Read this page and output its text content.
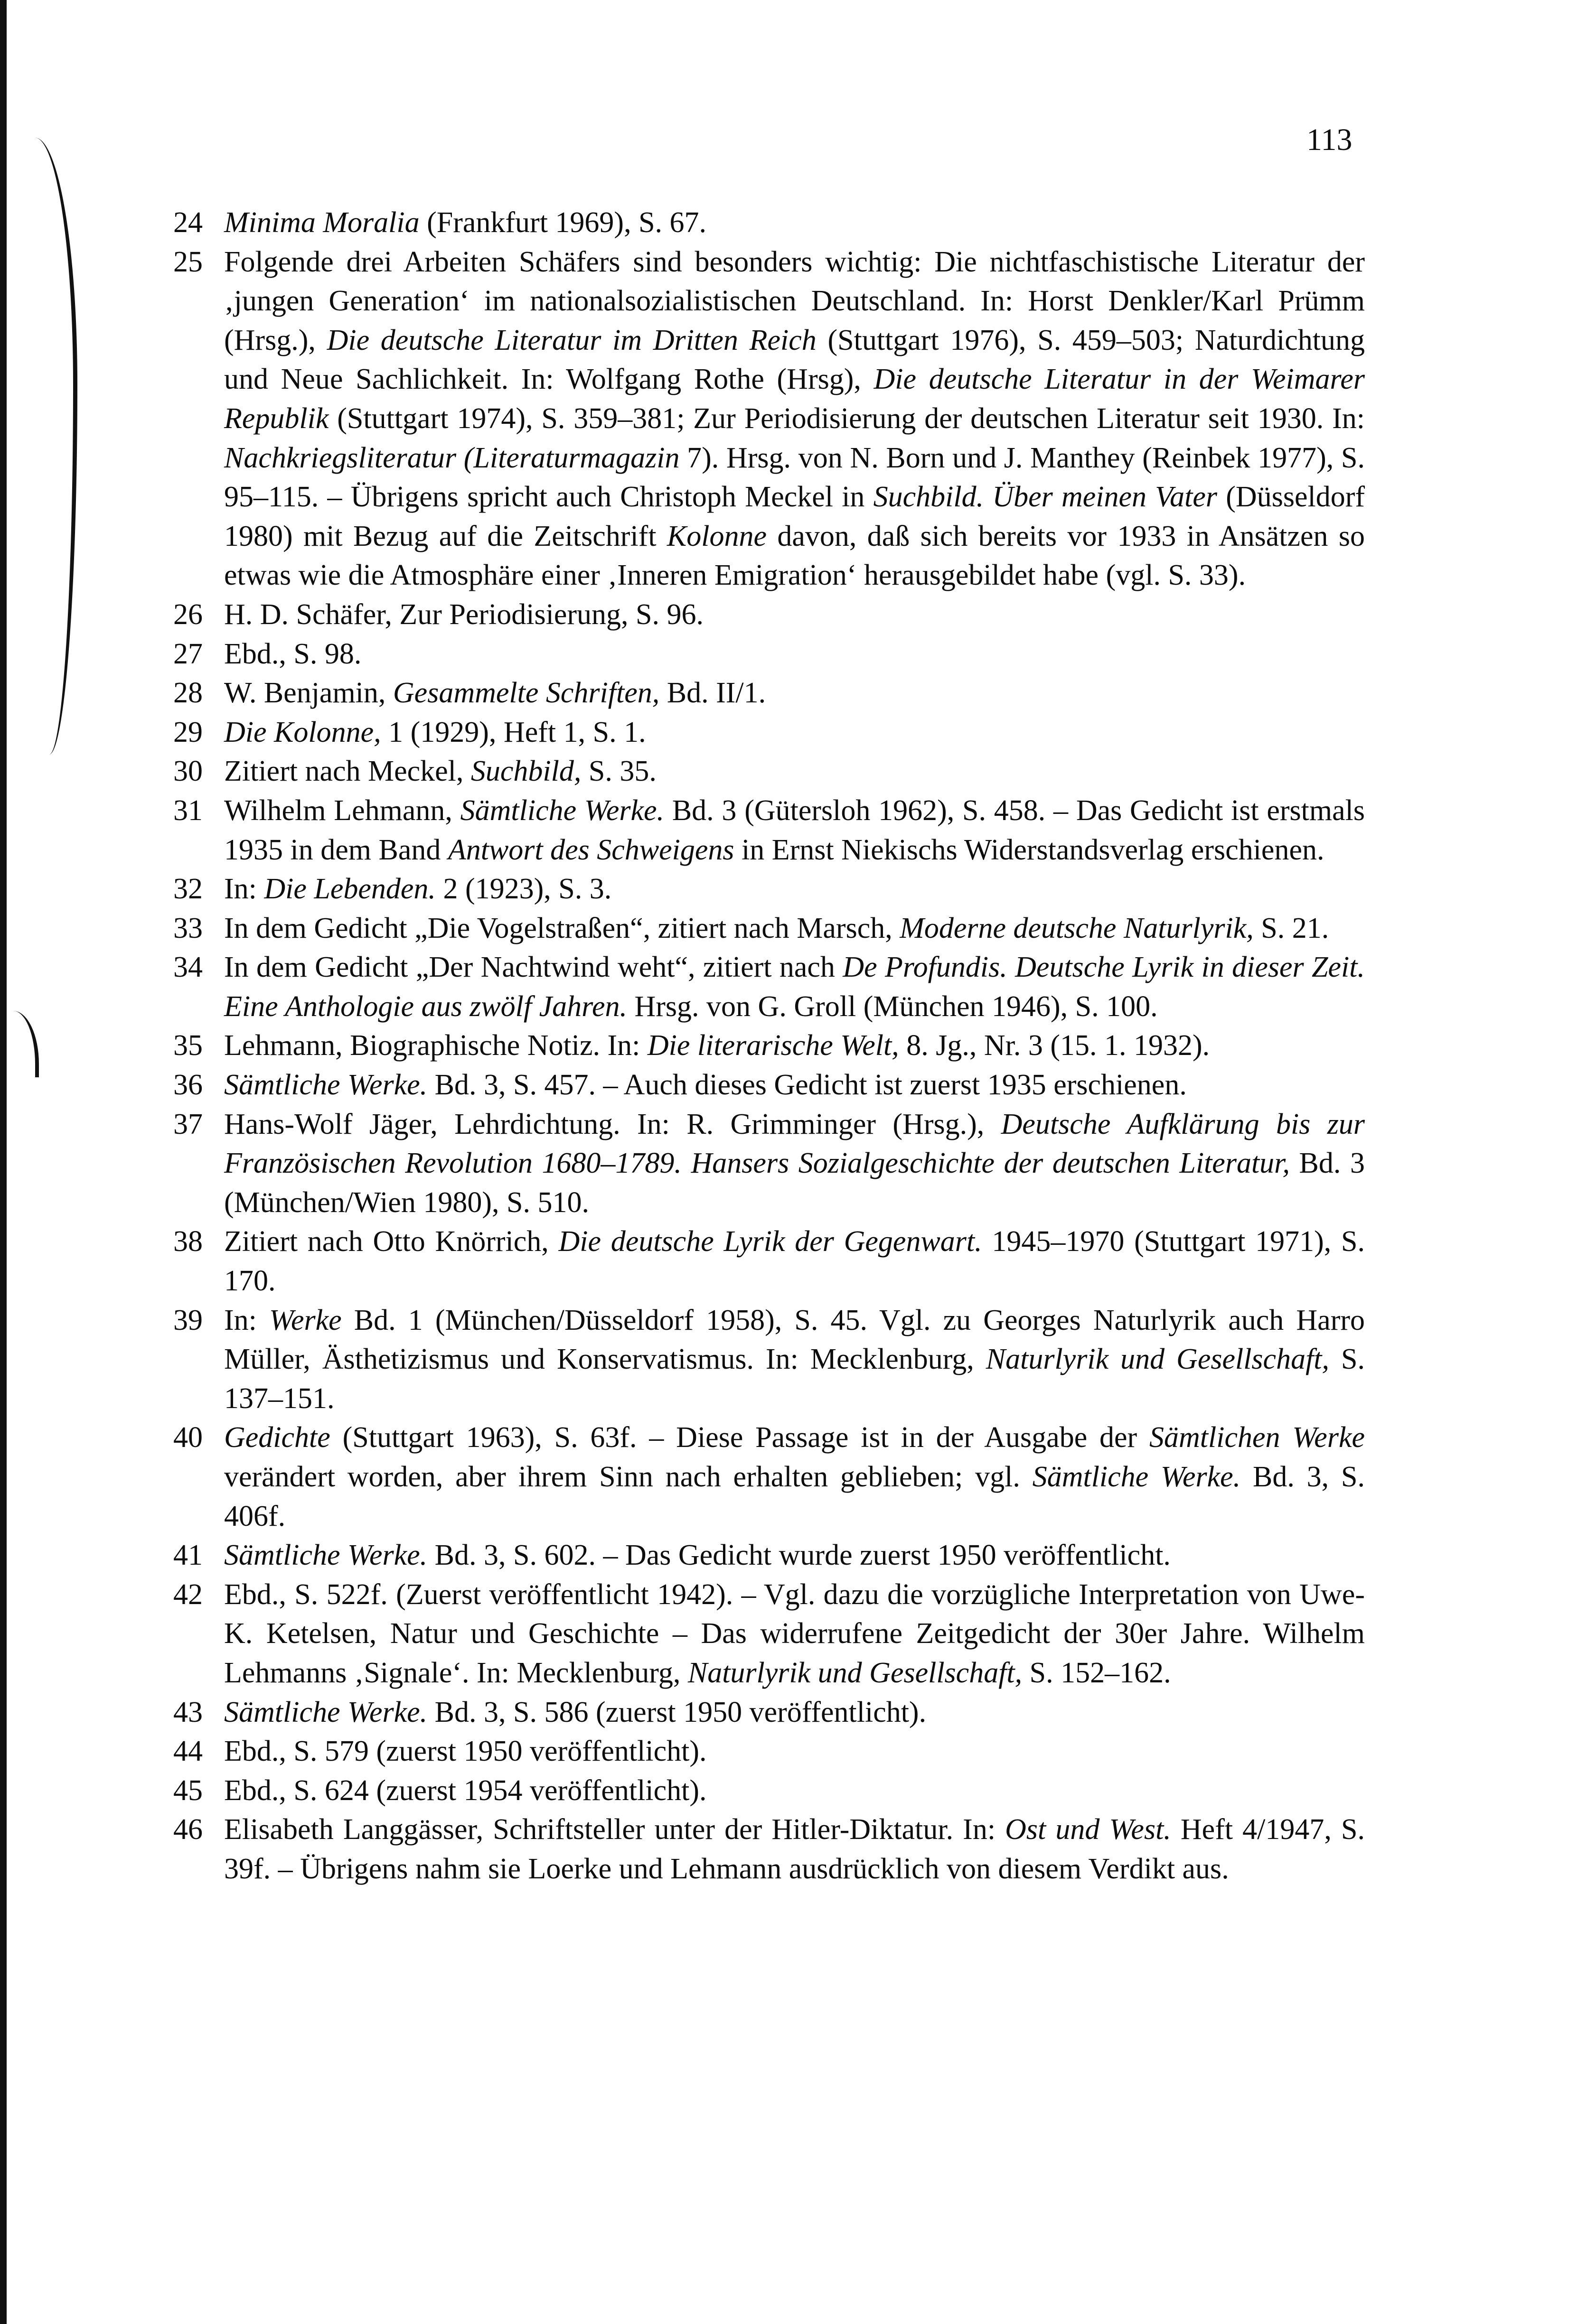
113
24 Minima Moralia (Frankfurt 1969), S. 67.
25 Folgende drei Arbeiten Schäfers sind besonders wichtig: Die nichtfaschistische Literatur der ‚jungen Generation‘ im nationalsozialistischen Deutschland. In: Horst Denkler/Karl Prümm (Hrsg.), Die deutsche Literatur im Dritten Reich (Stuttgart 1976), S. 459–503; Naturdichtung und Neue Sachlichkeit. In: Wolfgang Rothe (Hrsg), Die deutsche Literatur in der Weimarer Republik (Stuttgart 1974), S. 359–381; Zur Periodisierung der deutschen Literatur seit 1930. In: Nachkriegsliteratur (Literaturmagazin 7). Hrsg. von N. Born und J. Manthey (Reinbek 1977), S. 95–115. – Übrigens spricht auch Christoph Meckel in Suchbild. Über meinen Vater (Düsseldorf 1980) mit Bezug auf die Zeitschrift Kolonne davon, daß sich bereits vor 1933 in Ansätzen so etwas wie die Atmosphäre einer ‚Inneren Emigration‘ herausgebildet habe (vgl. S. 33).
26 H. D. Schäfer, Zur Periodisierung, S. 96.
27 Ebd., S. 98.
28 W. Benjamin, Gesammelte Schriften, Bd. II/1.
29 Die Kolonne, 1 (1929), Heft 1, S. 1.
30 Zitiert nach Meckel, Suchbild, S. 35.
31 Wilhelm Lehmann, Sämtliche Werke. Bd. 3 (Gütersloh 1962), S. 458. – Das Gedicht ist erstmals 1935 in dem Band Antwort des Schweigens in Ernst Niekischs Widerstandsverlag erschienen.
32 In: Die Lebenden. 2 (1923), S. 3.
33 In dem Gedicht „Die Vogelstraßen“, zitiert nach Marsch, Moderne deutsche Naturlyrik, S. 21.
34 In dem Gedicht „Der Nachtwind weht“, zitiert nach De Profundis. Deutsche Lyrik in dieser Zeit. Eine Anthologie aus zwölf Jahren. Hrsg. von G. Groll (München 1946), S. 100.
35 Lehmann, Biographische Notiz. In: Die literarische Welt, 8. Jg., Nr. 3 (15. 1. 1932).
36 Sämtliche Werke. Bd. 3, S. 457. – Auch dieses Gedicht ist zuerst 1935 erschienen.
37 Hans-Wolf Jäger, Lehrdichtung. In: R. Grimminger (Hrsg.), Deutsche Aufklärung bis zur Französischen Revolution 1680–1789. Hansers Sozialgeschichte der deutschen Literatur, Bd. 3 (München/Wien 1980), S. 510.
38 Zitiert nach Otto Knörrich, Die deutsche Lyrik der Gegenwart. 1945–1970 (Stuttgart 1971), S. 170.
39 In: Werke Bd. 1 (München/Düsseldorf 1958), S. 45. Vgl. zu Georges Naturlyrik auch Harro Müller, Ästhetizismus und Konservatismus. In: Mecklenburg, Naturlyrik und Gesellschaft, S. 137–151.
40 Gedichte (Stuttgart 1963), S. 63f. – Diese Passage ist in der Ausgabe der Sämtlichen Werke verändert worden, aber ihrem Sinn nach erhalten geblieben; vgl. Sämtliche Werke. Bd. 3, S. 406f.
41 Sämtliche Werke. Bd. 3, S. 602. – Das Gedicht wurde zuerst 1950 veröffentlicht.
42 Ebd., S. 522f. (Zuerst veröffentlicht 1942). – Vgl. dazu die vorzügliche Interpretation von Uwe-K. Ketelsen, Natur und Geschichte – Das widerrufene Zeitgedicht der 30er Jahre. Wilhelm Lehmanns ‚Signale‘. In: Mecklenburg, Naturlyrik und Gesellschaft, S. 152–162.
43 Sämtliche Werke. Bd. 3, S. 586 (zuerst 1950 veröffentlicht).
44 Ebd., S. 579 (zuerst 1950 veröffentlicht).
45 Ebd., S. 624 (zuerst 1954 veröffentlicht).
46 Elisabeth Langgässer, Schriftsteller unter der Hitler-Diktatur. In: Ost und West. Heft 4/1947, S. 39f. – Übrigens nahm sie Loerke und Lehmann ausdrücklich von diesem Verdikt aus.
